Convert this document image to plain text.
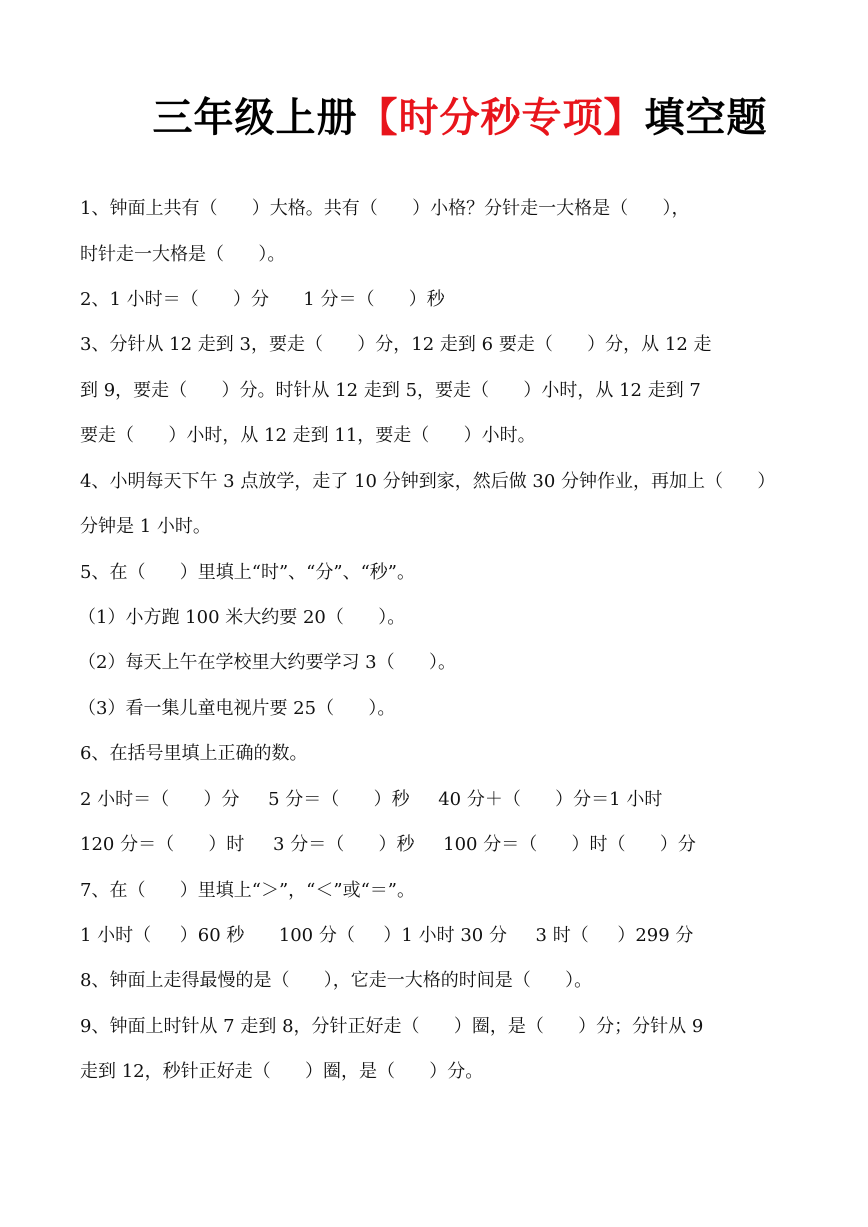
三年级上册【时分秒专项】填空题
1、钟面上共有（      ）大格。共有（      ）小格？分针走一大格是（      ），
时针走一大格是（      ）。
2、1 小时＝（      ）分      1 分＝（      ）秒
3、分针从 12 走到 3，要走（      ）分，12 走到 6 要走（      ）分，从 12 走
到 9，要走（      ）分。时针从 12 走到 5，要走（      ）小时，从 12 走到 7
要走（      ）小时，从 12 走到 11，要走（      ）小时。
4、小明每天下午 3 点放学，走了 10 分钟到家，然后做 30 分钟作业，再加上（      ）
分钟是 1 小时。
5、在（      ）里填上“时”、“分”、“秒”。
（1）小方跑 100 米大约要 20（      ）。
（2）每天上午在学校里大约要学习 3（      ）。
（3）看一集儿童电视片要 25（      ）。
6、在括号里填上正确的数。
2 小时＝（      ）分     5 分＝（      ）秒     40 分＋（      ）分＝1 小时
120 分＝（      ）时     3 分＝（      ）秒     100 分＝（      ）时（      ）分
7、在（      ）里填上“＞”，“＜”或“＝”。
1 小时（     ）60 秒      100 分（     ）1 小时 30 分     3 时（     ）299 分
8、钟面上走得最慢的是（      ），它走一大格的时间是（      ）。
9、钟面上时针从 7 走到 8，分针正好走（      ）圈，是（      ）分；分针从 9
走到 12，秒针正好走（      ）圈，是（      ）分。
